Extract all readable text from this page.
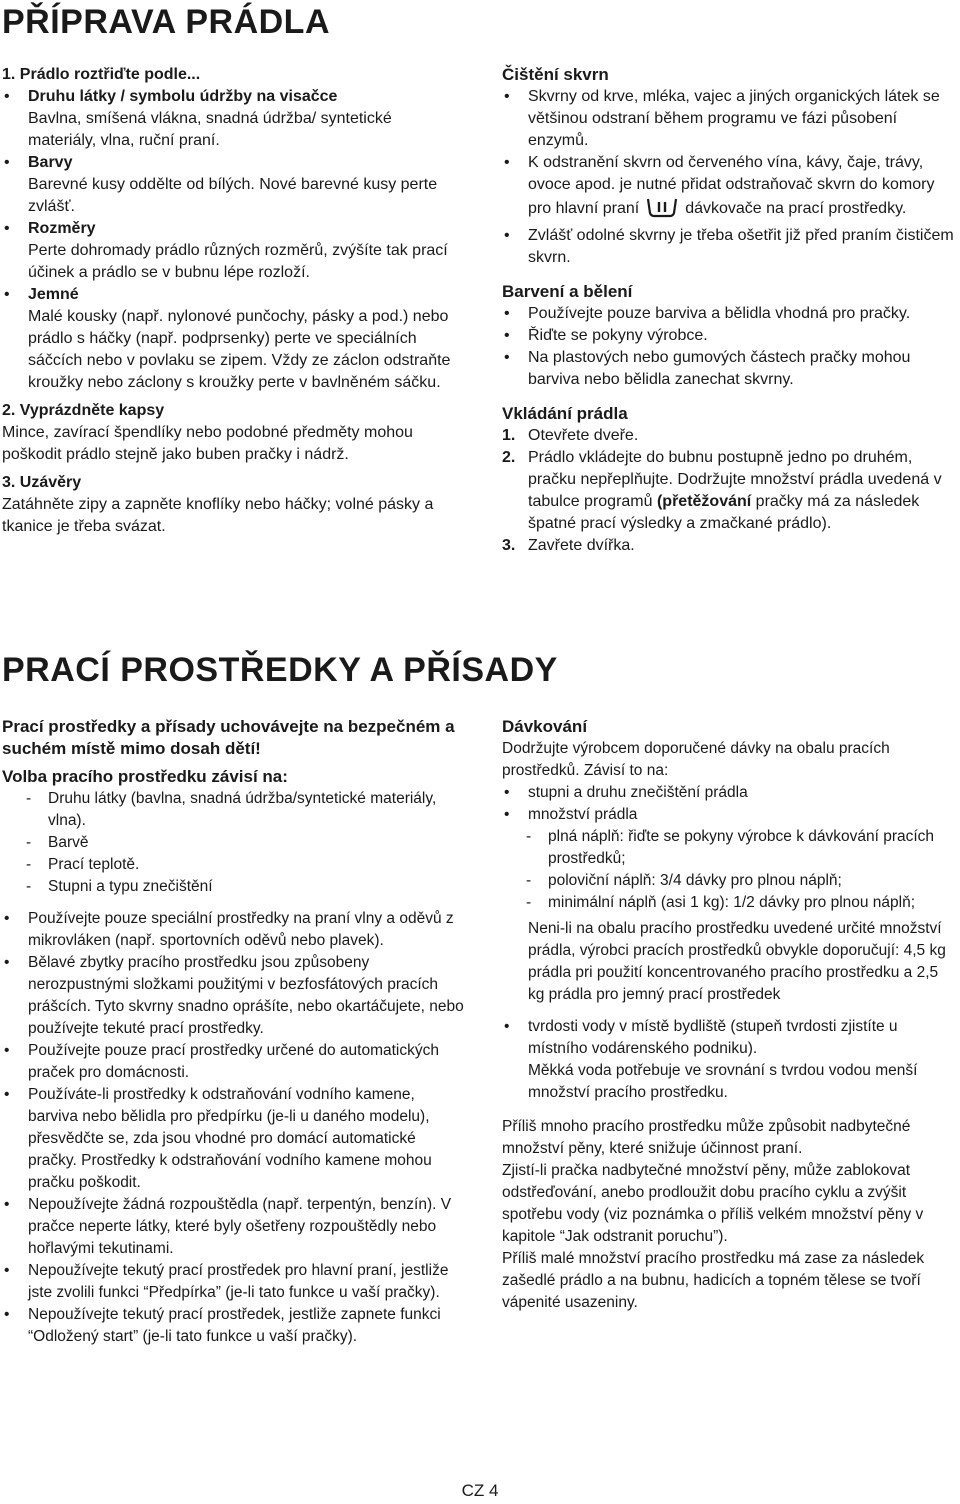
PŘÍPRAVA PRÁDLA

1. Prádlo roztřiďte podle...

• Druhu látky / symbolu údržby na visačce
Bavlna, smíšená vlákna, snadná údržba/ syntetické materiály, vlna, ruční praní.
• Barvy
Barevné kusy oddělte od bílých. Nové barevné kusy perte zvlášť.
• Rozměry
Perte dohromady prádlo různých rozměrů, zvýšíte tak prací účinek a prádlo se v bubnu lépe rozloží.
• Jemné
Malé kousky (např. nylonové punčochy, pásky a pod.) nebo prádlo s háčky (např. podprsenky) perte ve speciálních sáčcích nebo v povlaku se zipem. Vždy ze záclon odstraňte kroužky nebo záclony s kroužky perte v bavlněném sáčku.

2. Vyprázdněte kapsy

Mince, zavírací špendlíky nebo podobné předměty mohou poškodit prádlo stejně jako buben pračky i nádrž.

3. Uzávěry

Zatáhněte zipy a zapněte knoflíky nebo háčky; volné pásky a tkanice je třeba svázat.

Čištění skvrn

• Skvrny od krve, mléka, vajec a jiných organických látek se většinou odstraní během programu ve fázi působení enzymů.
• K odstranění skvrn od červeného vína, kávy, čaje, trávy, ovoce apod. je nutné přidat odstraňovač skvrn do komory pro hlavní praní	dávkovače na prací prostředky.
• Zvlášť odolné skvrny je třeba ošetřit již před praním čističem skvrn.

Barvení a bělení

• Používejte pouze barviva a bělidla vhodná pro pračky.
• Řiďte se pokyny výrobce.
• Na plastových nebo gumových částech pračky mohou barviva nebo bělidla zanechat skvrny.

Vkládání prádla

1. Otevřete dveře.
2. Prádlo vkládejte do bubnu postupně jedno po druhém, pračku nepřeplňujte. Dodržujte množství prádla uvedená v tabulce programů (přetěžování pračky má za následek špatné prací výsledky a zmačkané prádlo).
3. Zavřete dvířka.
PRACÍ PROSTŘEDKY A PŘÍSADY

Prací prostředky a přísady uchovávejte na bezpečném a suchém místě mimo dosah dětí!

Volba pracího prostředku závisí na:

- Druhu látky (bavlna, snadná údržba/syntetické materiály, vlna).
- Barvě
- Prací teplotě.
- Stupni a typu znečištění
• Používejte pouze speciální prostředky na praní vlny a oděvů z mikrovláken (např. sportovních oděvů nebo plavek).
• Bělavé zbytky pracího prostředku jsou způsobeny nerozpustnými složkami použitými v bezfosfátových pracích prášcích. Tyto skvrny snadno oprášíte, nebo okartáčujete, nebo používejte tekuté prací prostředky.
• Používejte pouze prací prostředky určené do automatických praček pro domácnosti.
• Používáte-li prostředky k odstraňování vodního kamene, barviva nebo bělidla pro předpírku (je-li u daného modelu), přesvědčte se, zda jsou vhodné pro domácí automatické pračky. Prostředky k odstraňování vodního kamene mohou pračku poškodit.
• Nepoužívejte žádná rozpouštědla (např. terpentýn, benzín). V pračce neperte látky, které byly ošetřeny rozpouštědly nebo hořlavými tekutinami.
• Nepoužívejte tekutý prací prostředek pro hlavní praní, jestliže jste zvolili funkci “Předpírka” (je-li tato funkce u vaší pračky).
• Nepoužívejte tekutý prací prostředek, jestliže zapnete funkci “Odložený start” (je-li tato funkce u vaší pračky).

Dávkování

Dodržujte výrobcem doporučené dávky na obalu pracích prostředků. Závisí to na:

• stupni a druhu znečištění prádla
• množství prádla
- plná náplň: řiďte se pokyny výrobce k dávkování pracích prostředků;
- poloviční náplň: 3/4 dávky pro plnou náplň;
- minimální náplň (asi 1 kg): 1/2 dávky pro plnou náplň;

Neni-li na obalu pracího prostředku uvedené určité množství prádla, výrobci pracích prostředků obvykle doporučují: 4,5 kg prádla pri použití koncentrovaného pracího prostředku a 2,5 kg prádla pro jemný prací prostředek

• tvrdosti vody v místě bydliště (stupeň tvrdosti zjistíte u místního vodárenského podniku).

Měkká voda potřebuje ve srovnání s tvrdou vodou menší množství pracího prostředku.

Příliš mnoho pracího prostředku může způsobit nadbytečné množství pěny, které snižuje účinnost praní.

Zjistí-li pračka nadbytečné množství pěny, může zablokovat odstřeďování, anebo prodloužit dobu pracího cyklu a zvýšit spotřebu vody (viz poznámka o příliš velkém množství pěny v kapitole “Jak odstranit poruchu”).

Příliš malé množství pracího prostředku má zase za následek zašedlé prádlo a na bubnu, hadicích a topném tělese se tvoří vápenité usazeniny.

CZ 4
